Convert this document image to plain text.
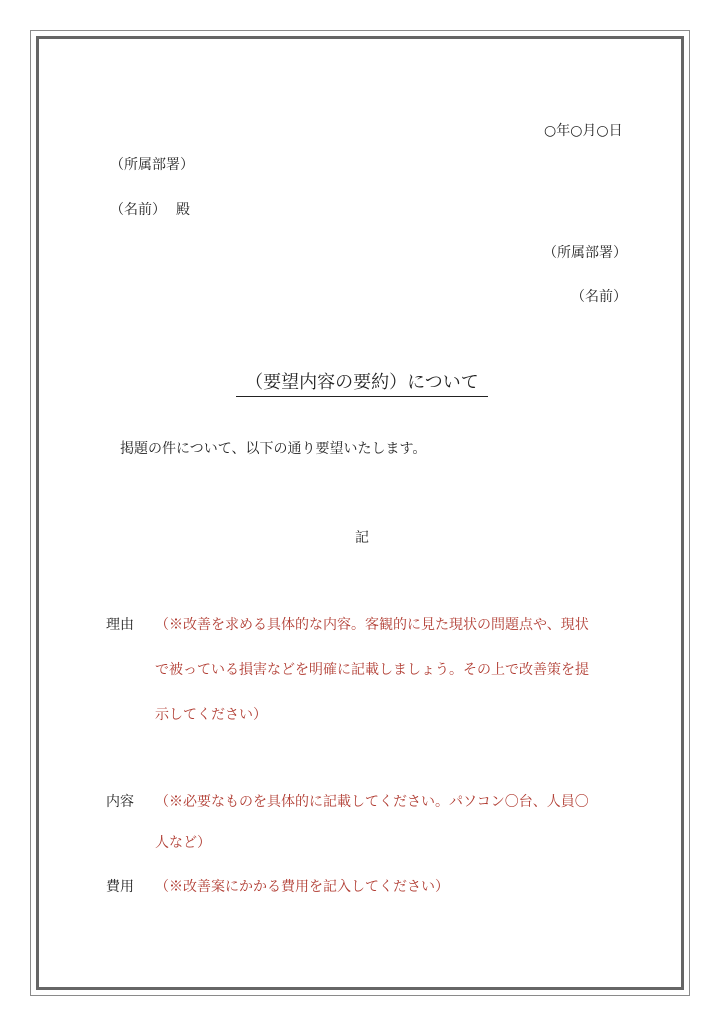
○年○月○日
（所属部署）
（名前） 殿
（所属部署）
（名前）
（要望内容の要約）について
掲題の件について、以下の通り要望いたします。
記
理由 （※改善を求める具体的な内容。客観的に見た現状の問題点や、現状
で被っている損害などを明確に記載しましょう。その上で改善策を提
示してください）
内容 （※必要なものを具体的に記載してください。パソコン〇台、人員〇
人など）
費用 （※改善案にかかる費用を記入してください）
